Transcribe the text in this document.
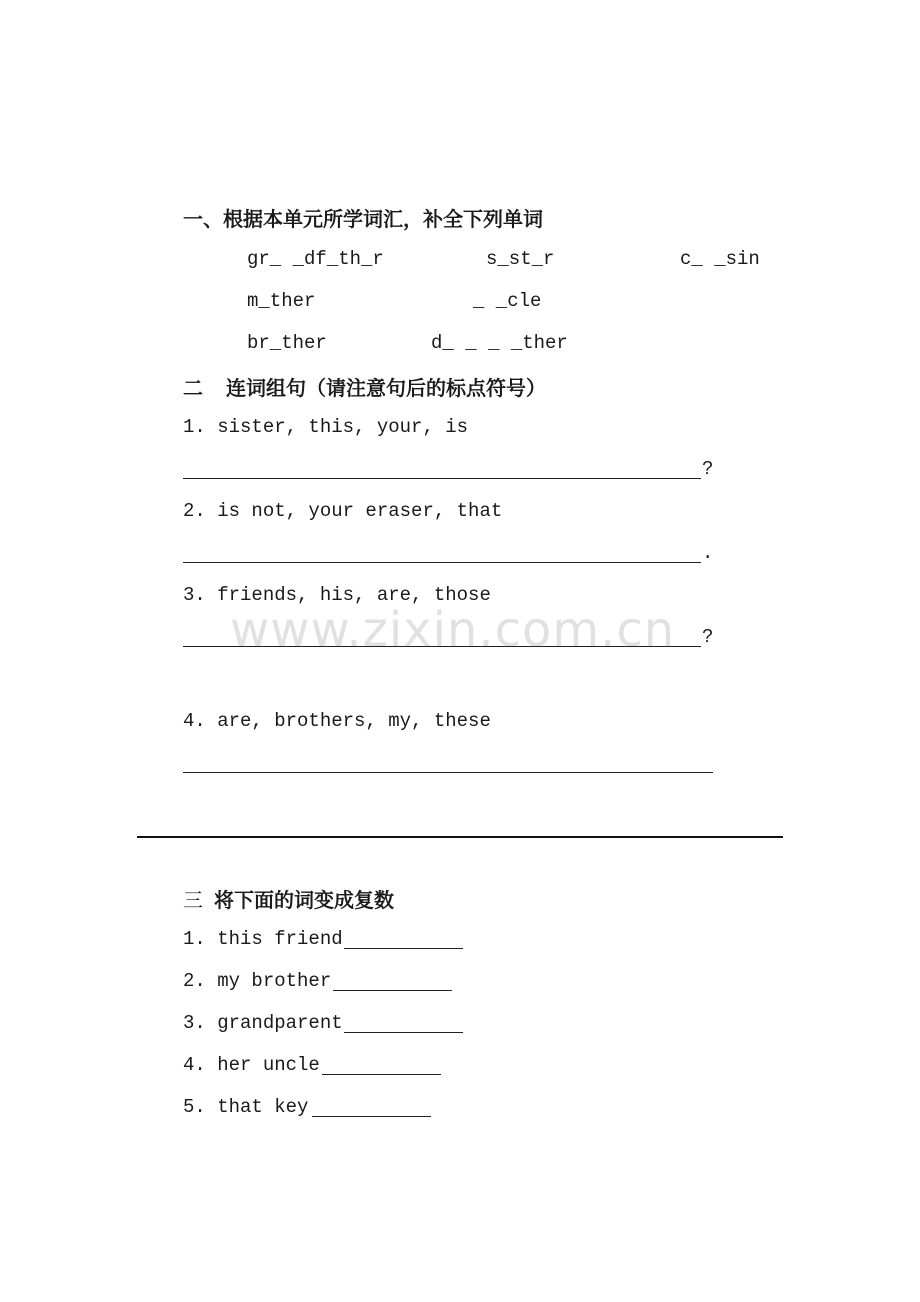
www.zixin.com.cn
一、根据本单元所学词汇，补全下列单词
gr_ _df_th_r	s_st_r	c_ _sin
m_ther	_ _cle
br_ther	d_ _ _ _ther
二 连词组句（请注意句后的标点符号）
1. sister, this, your, is
?
2. is not, your eraser, that
.
3. friends, his, are, those
?
4. are, brothers, my, these
三 将下面的词变成复数
1. this friend
2. my brother
3. grandparent
4. her uncle
5. that key
